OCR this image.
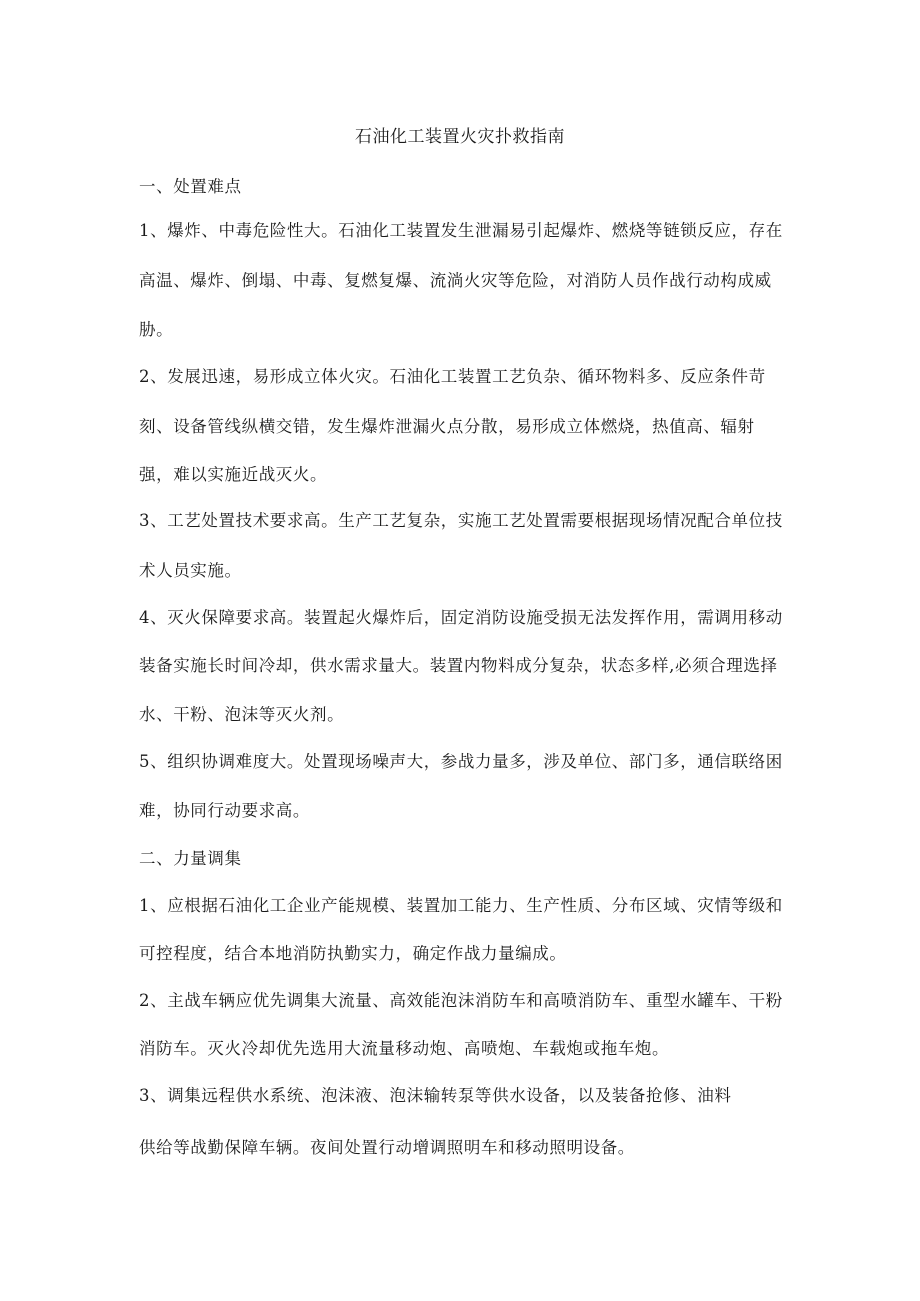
石油化工装置火灾扑救指南
一、处置难点
1、爆炸、中毒危险性大。石油化工装置发生泄漏易引起爆炸、燃烧等链锁反应，存在
高温、爆炸、倒塌、中毒、复燃复爆、流淌火灾等危险，对消防人员作战行动构成威
胁。
2、发展迅速，易形成立体火灾。石油化工装置工艺负杂、循环物料多、反应条件苛
刻、设备管线纵横交错，发生爆炸泄漏火点分散，易形成立体燃烧，热值高、辐射
强，难以实施近战灭火。
3、工艺处置技术要求高。生产工艺复杂，实施工艺处置需要根据现场情况配合单位技
术人员实施。
4、灭火保障要求高。装置起火爆炸后，固定消防设施受损无法发挥作用，需调用移动
装备实施长时间冷却，供水需求量大。装置内物料成分复杂，状态多样,必须合理选择
水、干粉、泡沫等灭火剂。
5、组织协调难度大。处置现场噪声大，参战力量多，涉及单位、部门多，通信联络困
难，协同行动要求高。
二、力量调集
1、应根据石油化工企业产能规模、装置加工能力、生产性质、分布区域、灾情等级和
可控程度，结合本地消防执勤实力，确定作战力量编成。
2、主战车辆应优先调集大流量、高效能泡沫消防车和高喷消防车、重型水罐车、干粉
消防车。灭火冷却优先选用大流量移动炮、高喷炮、车载炮或拖车炮。
3、调集远程供水系统、泡沫液、泡沫输转泵等供水设备，以及装备抢修、油料
供给等战勤保障车辆。夜间处置行动增调照明车和移动照明设备。
